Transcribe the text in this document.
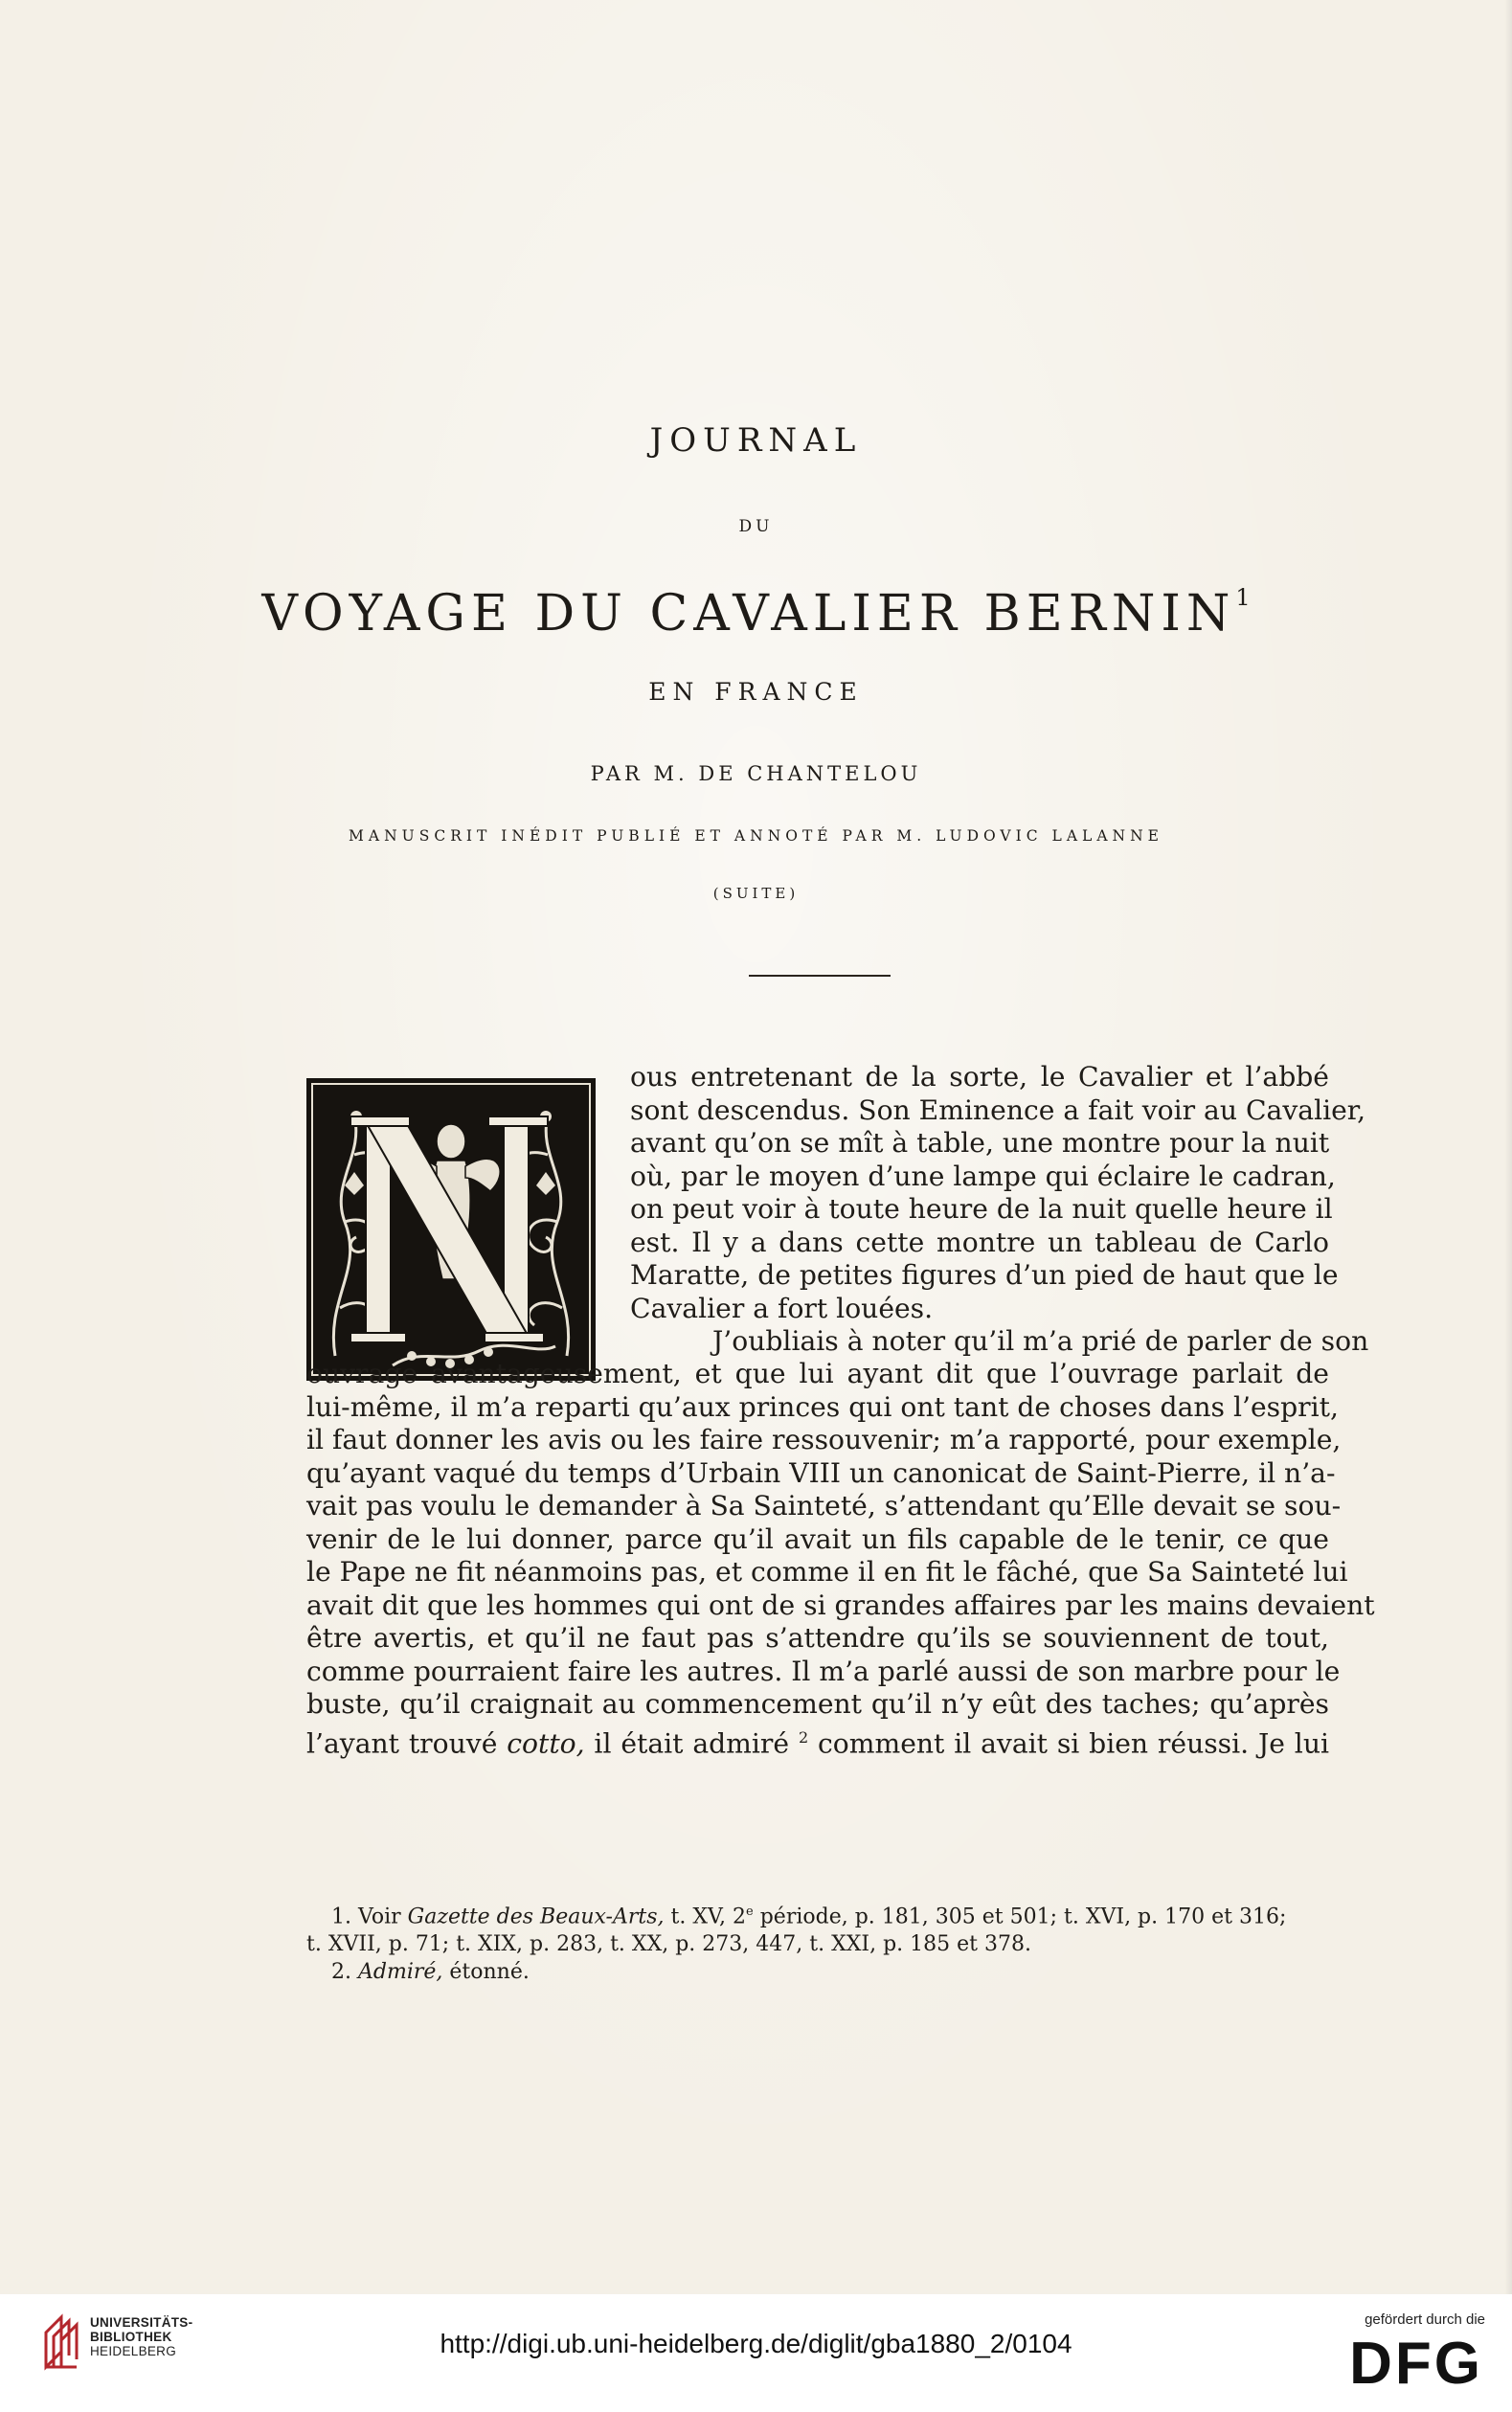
JOURNAL
DU
VOYAGE DU CAVALIER BERNIN$^1$
EN FRANCE
PAR M. DE CHANTELOU
MANUSCRIT INÉDIT PUBLIÉ ET ANNOTÉ PAR M. LUDOVIC LALANNE
(SUITE)
ous entretenant de la sorte, le Cavalier et l’abbé
sont descendus. Son Eminence a fait voir au Cavalier,
avant qu’on se mît à table, une montre pour la nuit
où, par le moyen d’une lampe qui éclaire le cadran,
on peut voir à toute heure de la nuit quelle heure il
est. Il y a dans cette montre un tableau de Carlo
Maratte, de petites figures d’un pied de haut que le
Cavalier a fort louées.
J’oubliais à noter qu’il m’a prié de parler de son
ouvrage avantageusement, et que lui ayant dit que l’ouvrage parlait de
lui-même, il m’a reparti qu’aux princes qui ont tant de choses dans l’esprit,
il faut donner les avis ou les faire ressouvenir; m’a rapporté, pour exemple,
qu’ayant vaqué du temps d’Urbain VIII un canonicat de Saint-Pierre, il n’a-
vait pas voulu le demander à Sa Sainteté, s’attendant qu’Elle devait se sou-
venir de le lui donner, parce qu’il avait un fils capable de le tenir, ce que
le Pape ne fit néanmoins pas, et comme il en fit le fâché, que Sa Sainteté lui
avait dit que les hommes qui ont de si grandes affaires par les mains devaient
être avertis, et qu’il ne faut pas s’attendre qu’ils se souviennent de tout,
comme pourraient faire les autres. Il m’a parlé aussi de son marbre pour le
buste, qu’il craignait au commencement qu’il n’y eût des taches; qu’après
l’ayant trouvé cotto, il était admiré $^2$ comment il avait si bien réussi. Je lui
1. Voir Gazette des Beaux-Arts, t. XV, 2e période, p. 181, 305 et 501; t. XVI, p. 170 et 316;
t. XVII, p. 71; t. XIX, p. 283, t. XX, p. 273, 447, t. XXI, p. 185 et 378.
2. Admiré, étonné.
UNIVERSITÄTS-
BIBLIOTHEK
HEIDELBERG	http://digi.ub.uni-heidelberg.de/diglit/gba1880_2/0104
gefördert durch die
DFG
